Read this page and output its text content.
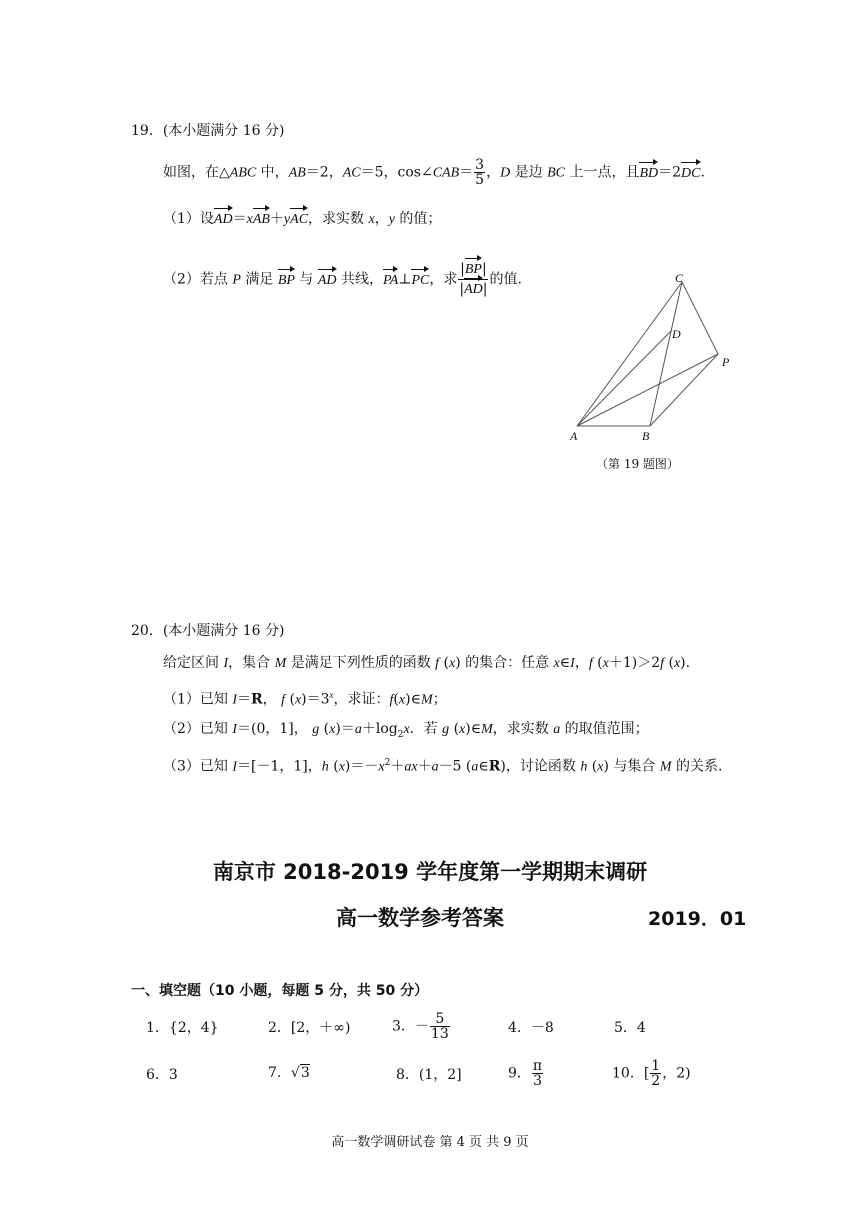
19．(本小题满分 16 分)
如图，在△ABC 中，AB＝2，AC＝5，cos∠CAB＝ $\frac{3}{5}$ ，D 是边 BC 上一点，且BD＝2DC.
（1）设AD＝xAB＋yAC，求实数 x，y 的值；
（2）若点 P 满足 BP 与 AD 共线，PA⊥PC，求 $\frac{|BP|}{|AD|}$ 的值.	C
D
P
A	B
（第 19 题图）
20．(本小题满分 16 分)
给定区间 I，集合 M 是满足下列性质的函数 f (x) 的集合：任意 x∈I，f (x＋1)＞2f (x).
（1）已知 I＝R， f $(x)=3^x$，求证：f(x)∈M；
（2）已知 I＝(0，1]， g $(x)=a+\log_2x$．若 g (x)∈M，求实数 a 的取值范围；
（3）已知 I＝[－1，1]，h $(x)=-x^2+ax+a-5$ (a∈R)，讨论函数 h (x) 与集合 M 的关系.
南京市 2018-2019 学年度第一学期期末调研
高一数学参考答案	2019．01
一、填空题（10 小题，每题 5 分，共 50 分）
1．{2，4}	2．[2，＋∞)	3．－ $\frac{5}{13}$	4．－8	5．4
6．3	7．√3	8．(1，2]	9． $\frac{\pi}{3}$	10．[ $\frac{1}{2}$ ，2)
高一数学调研试卷 第 4 页 共 9 页
